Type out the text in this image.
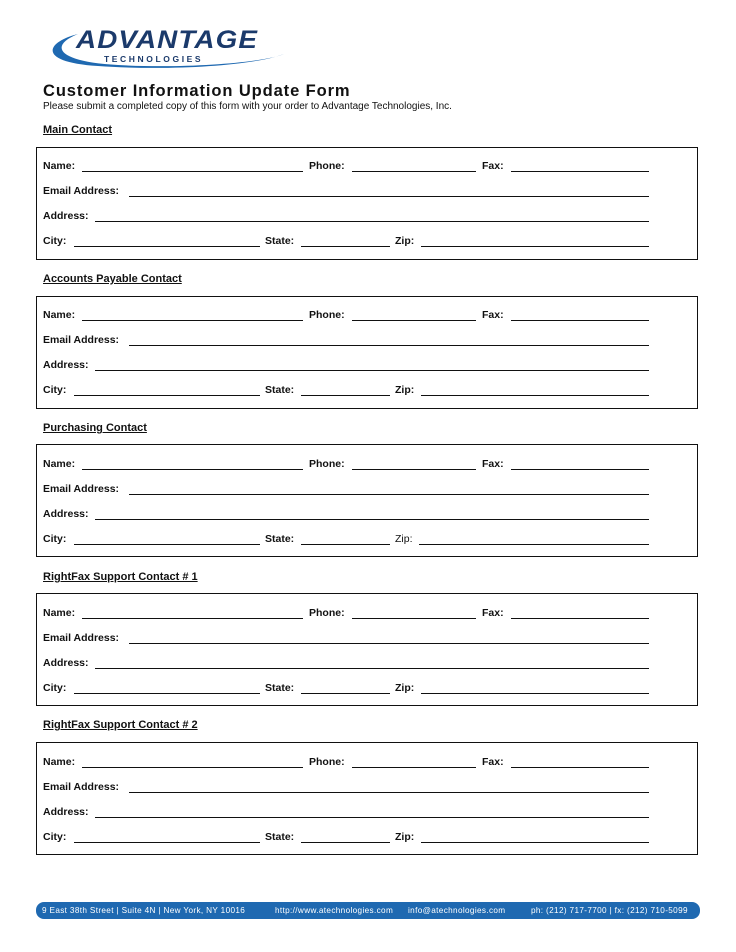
ADVANTAGE
TECHNOLOGIES
Customer Information Update Form

Please submit a completed copy of this form with your order to Advantage Technologies, Inc.

Main Contact
Name:	Phone:	Fax:
Email Address:
Address:
City:	State:	Zip:
Accounts Payable Contact
Name:	Phone:	Fax:
Email Address:
Address:
City:	State:	Zip:
Purchasing Contact
Name:	Phone:	Fax:
Email Address:
Address:
City:	State:	Zip:
RightFax Support Contact # 1
Name:	Phone:	Fax:
Email Address:
Address:
City:	State:	Zip:
RightFax Support Contact # 2
Name:	Phone:	Fax:
Email Address:
Address:
City:	State:	Zip:
9 East 38th Street | Suite 4N | New York, NY 10016	http://www.atechnologies.com info@atechnologies.com	ph: (212) 717-7700 | fx: (212) 710-5099
